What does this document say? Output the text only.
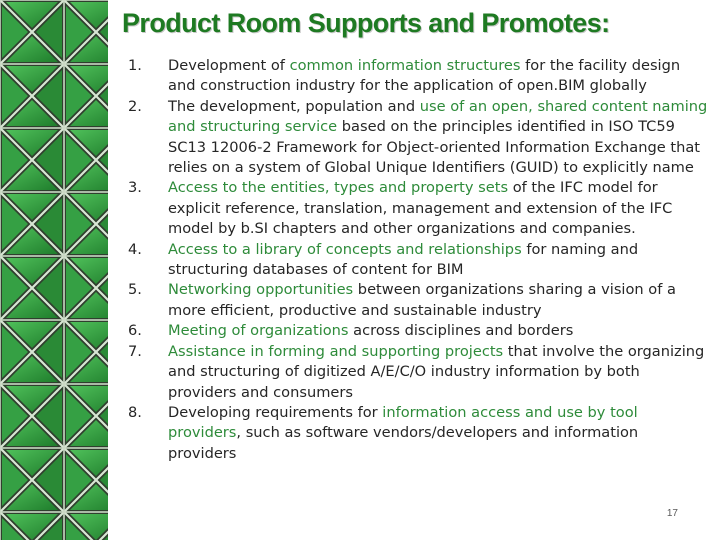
Product Room Supports and Promotes:
1.	Development of common information structures for the facility design and construction industry for the application of open.BIM globally
2.	The development, population and use of an open, shared content naming and structuring service based on the principles identified in ISO TC59 SC13 12006-2 Framework for Object-oriented Information Exchange that relies on a system of Global Unique Identifiers (GUID) to explicitly name
3.	Access to the entities, types and property sets of the IFC model for explicit reference, translation, management and extension of the IFC model by b.SI chapters and other organizations and companies.
4.	Access to a library of concepts and relationships for naming and structuring databases of content for BIM
5.	Networking opportunities between organizations sharing a vision of a more efficient, productive and sustainable industry
6.	Meeting of organizations across disciplines and borders
7.	Assistance in forming and supporting projects that involve the organizing and structuring of digitized A/E/C/O industry information by both providers and consumers
8.	Developing requirements for information access and use by tool providers, such as software vendors/developers and information providers
17
